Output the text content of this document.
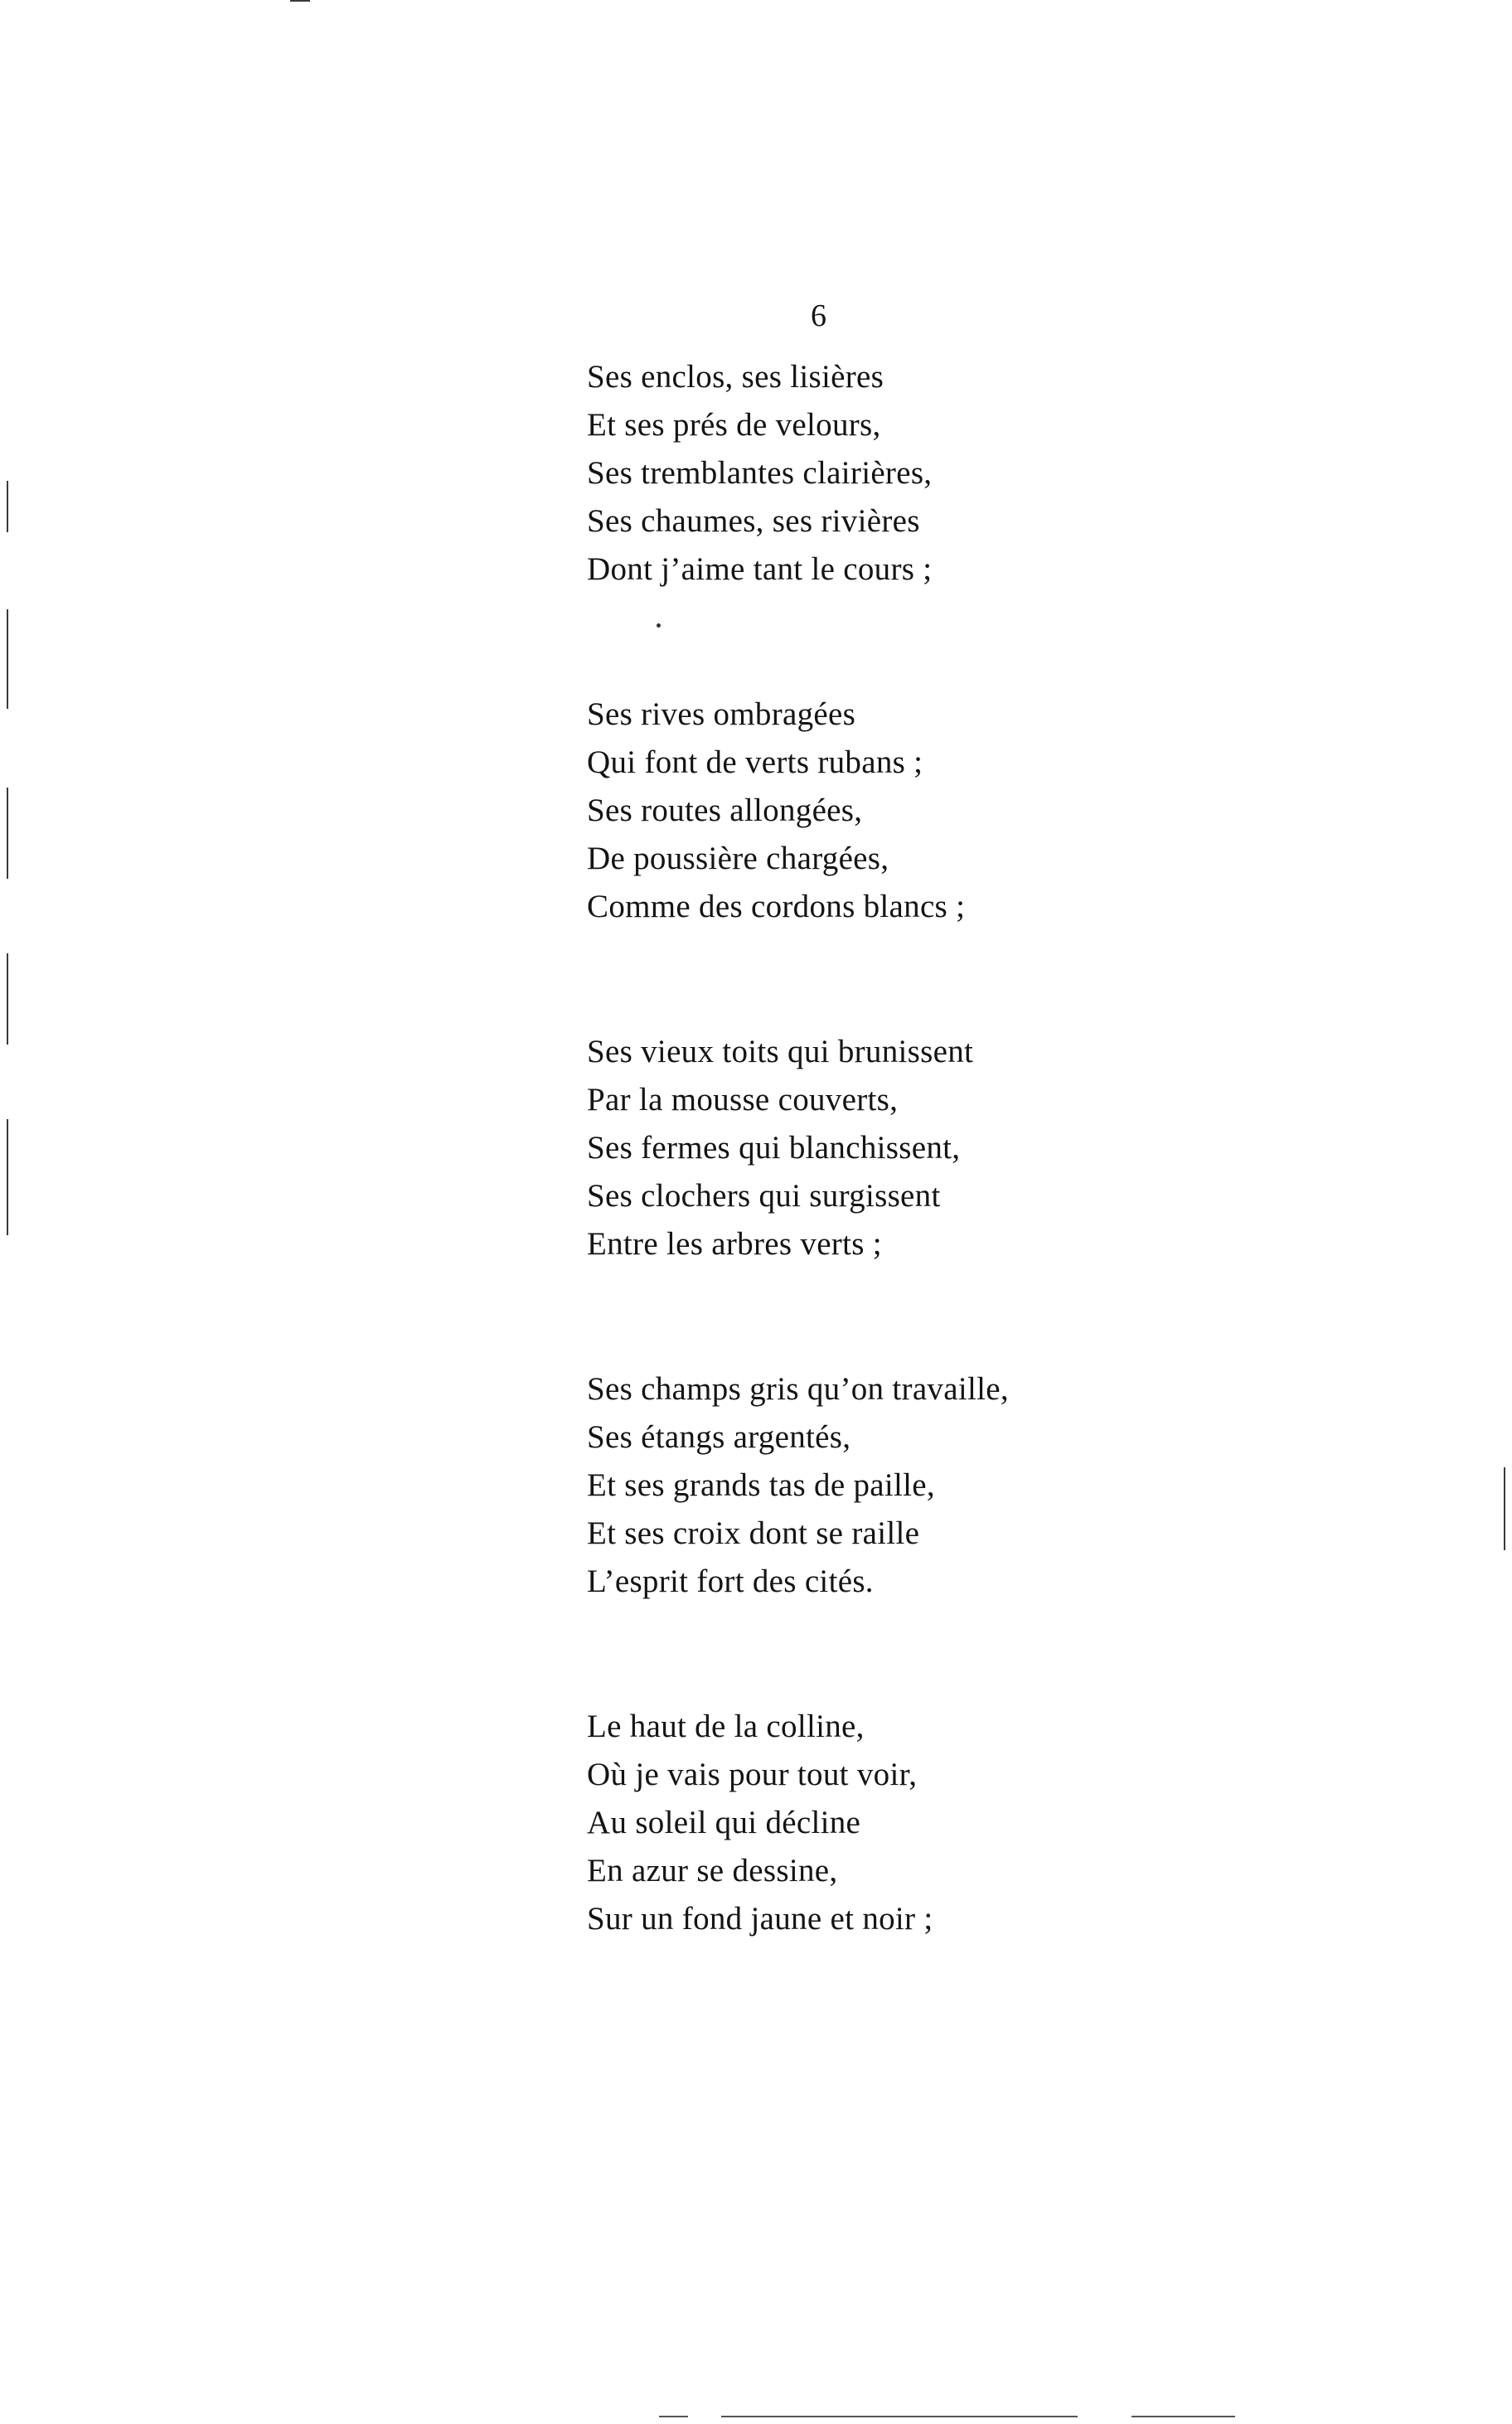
6
Ses enclos, ses lisières
Et ses prés de velours,
Ses tremblantes clairières,
Ses chaumes, ses rivières
Dont j’aime tant le cours ;
Ses rives ombragées
Qui font de verts rubans ;
Ses routes allongées,
De poussière chargées,
Comme des cordons blancs ;
Ses vieux toits qui brunissent
Par la mousse couverts,
Ses fermes qui blanchissent,
Ses clochers qui surgissent
Entre les arbres verts ;
Ses champs gris qu’on travaille,
Ses étangs argentés,
Et ses grands tas de paille,
Et ses croix dont se raille
L’esprit fort des cités.
Le haut de la colline,
Où je vais pour tout voir,
Au soleil qui décline
En azur se dessine,
Sur un fond jaune et noir ;
